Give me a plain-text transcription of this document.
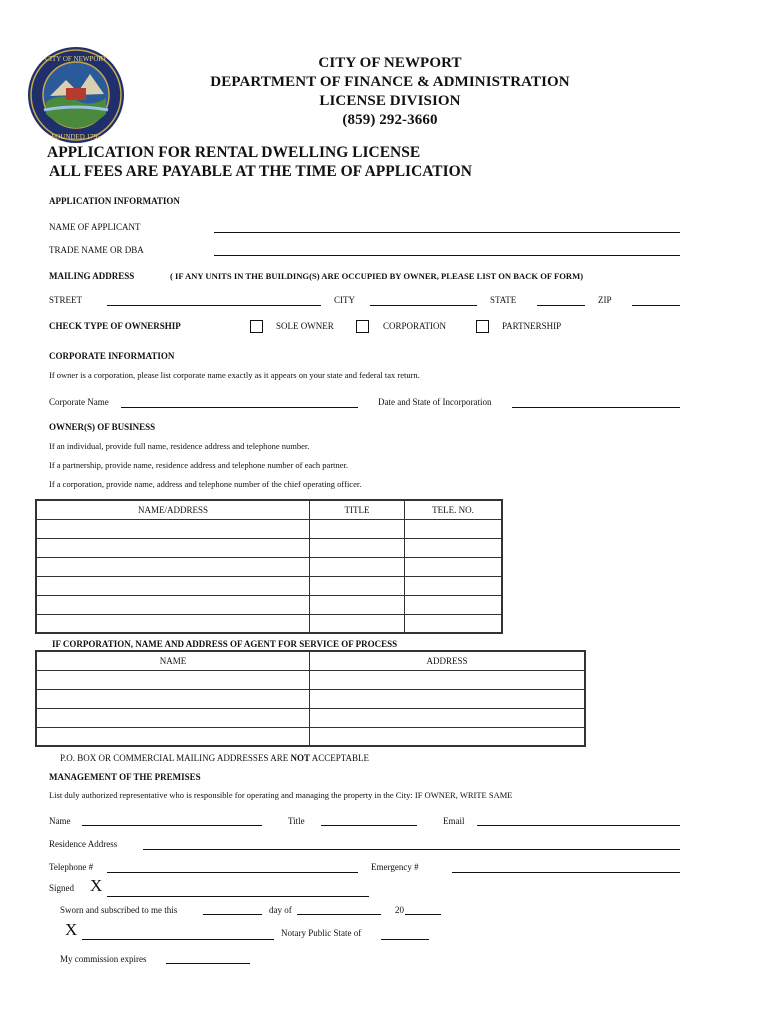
CITY OF NEWPORT
FOUNDED 1795
CITY OF NEWPORT
DEPARTMENT OF FINANCE & ADMINISTRATION
LICENSE DIVISION
(859) 292-3660
APPLICATION FOR RENTAL DWELLING LICENSE
ALL FEES ARE PAYABLE AT THE TIME OF APPLICATION
APPLICATION INFORMATION
NAME OF APPLICANT
TRADE NAME OR DBA
MAILING ADDRESS	( IF ANY UNITS IN THE BUILDING(S) ARE OCCUPIED BY OWNER, PLEASE LIST ON BACK OF FORM)
STREET	CITY	STATE	ZIP
CHECK TYPE OF OWNERSHIP	SOLE OWNER	CORPORATION	PARTNERSHIP
CORPORATE INFORMATION
If owner is a corporation, please list corporate name exactly as it appears on your state and federal tax return.
Corporate Name	Date and State of Incorporation
OWNER(S) OF BUSINESS
If an individual, provide full name, residence address and telephone number.
If a partnership, provide name, residence address and telephone number of each partner.
If a corporation, provide name, address and telephone number of the chief operating officer.
NAME/ADDRESS	TITLE	TELE. NO.

IF CORPORATION, NAME AND ADDRESS OF AGENT FOR SERVICE OF PROCESS
NAME	ADDRESS

P.O. BOX OR COMMERCIAL MAILING ADDRESSES ARE NOT ACCEPTABLE
MANAGEMENT OF THE PREMISES
List duly authorized representative who is responsible for operating and managing the property in the City: IF OWNER, WRITE SAME
Name	Title	Email
Residence Address
Telephone #	Emergency #
Signed X
Sworn and subscribed to me this	day of	20
X	Notary Public State of
My commission expires
